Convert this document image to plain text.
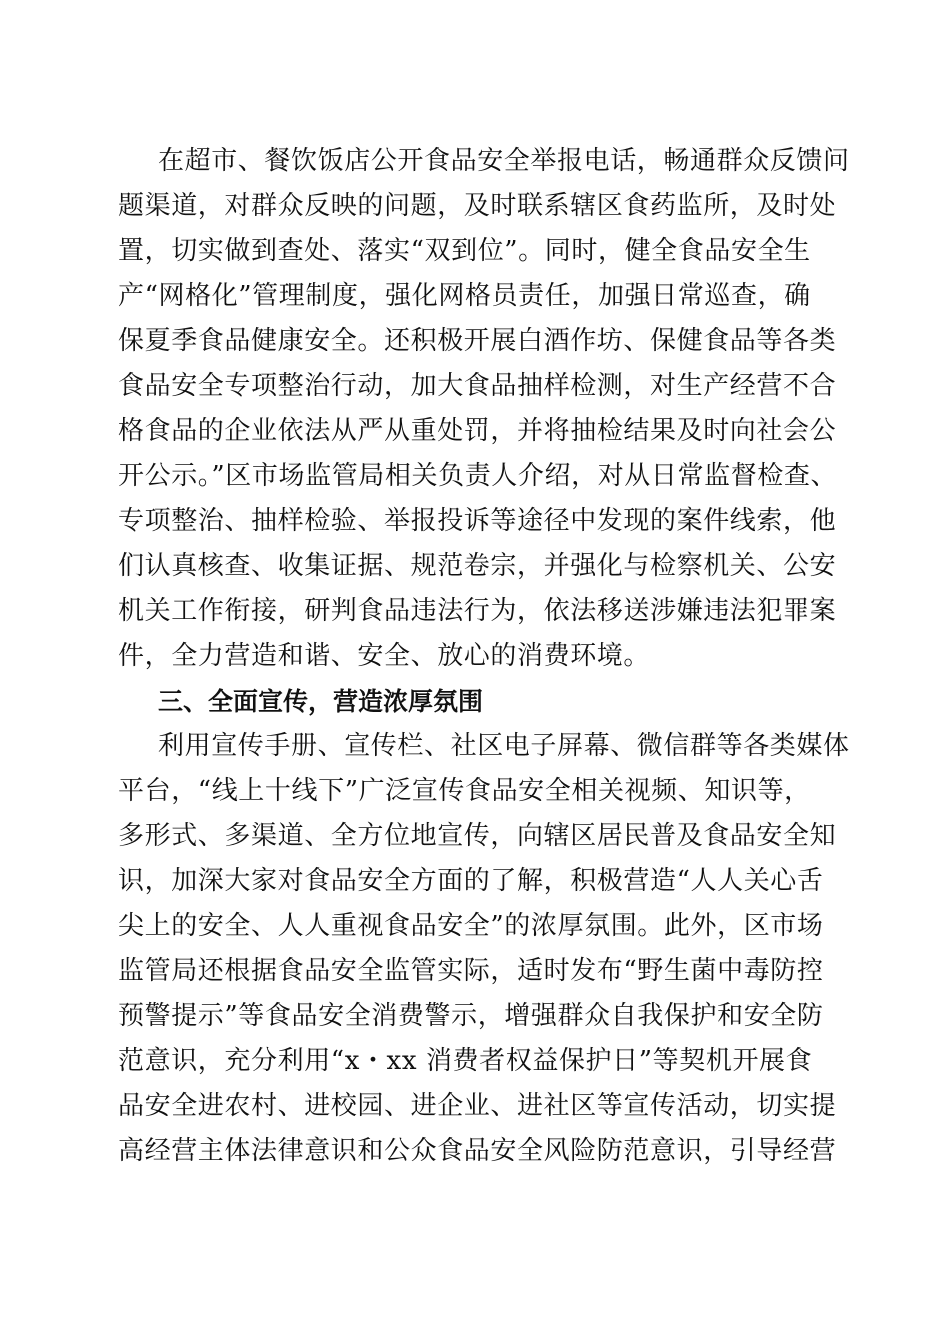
在超市、餐饮饭店公开食品安全举报电话，畅通群众反馈问
题渠道，对群众反映的问题，及时联系辖区食药监所，及时处
置，切实做到查处、落实“双到位”。同时，健全食品安全生
产“网格化”管理制度，强化网格员责任，加强日常巡查，确
保夏季食品健康安全。还积极开展白酒作坊、保健食品等各类
食品安全专项整治行动，加大食品抽样检测，对生产经营不合
格食品的企业依法从严从重处罚，并将抽检结果及时向社会公
开公示。”区市场监管局相关负责人介绍，对从日常监督检查、
专项整治、抽样检验、举报投诉等途径中发现的案件线索，他
们认真核查、收集证据、规范卷宗，并强化与检察机关、公安
机关工作衔接，研判食品违法行为，依法移送涉嫌违法犯罪案
件，全力营造和谐、安全、放心的消费环境。
三、全面宣传，营造浓厚氛围
利用宣传手册、宣传栏、社区电子屏幕、微信群等各类媒体
平台，“线上十线下”广泛宣传食品安全相关视频、知识等，
多形式、多渠道、全方位地宣传，向辖区居民普及食品安全知
识，加深大家对食品安全方面的了解，积极营造“人人关心舌
尖上的安全、人人重视食品安全”的浓厚氛围。此外，区市场
监管局还根据食品安全监管实际，适时发布“野生菌中毒防控
预警提示”等食品安全消费警示，增强群众自我保护和安全防
范意识，充分利用“x・xx 消费者权益保护日”等契机开展食
品安全进农村、进校园、进企业、进社区等宣传活动，切实提
高经营主体法律意识和公众食品安全风险防范意识，引导经营
